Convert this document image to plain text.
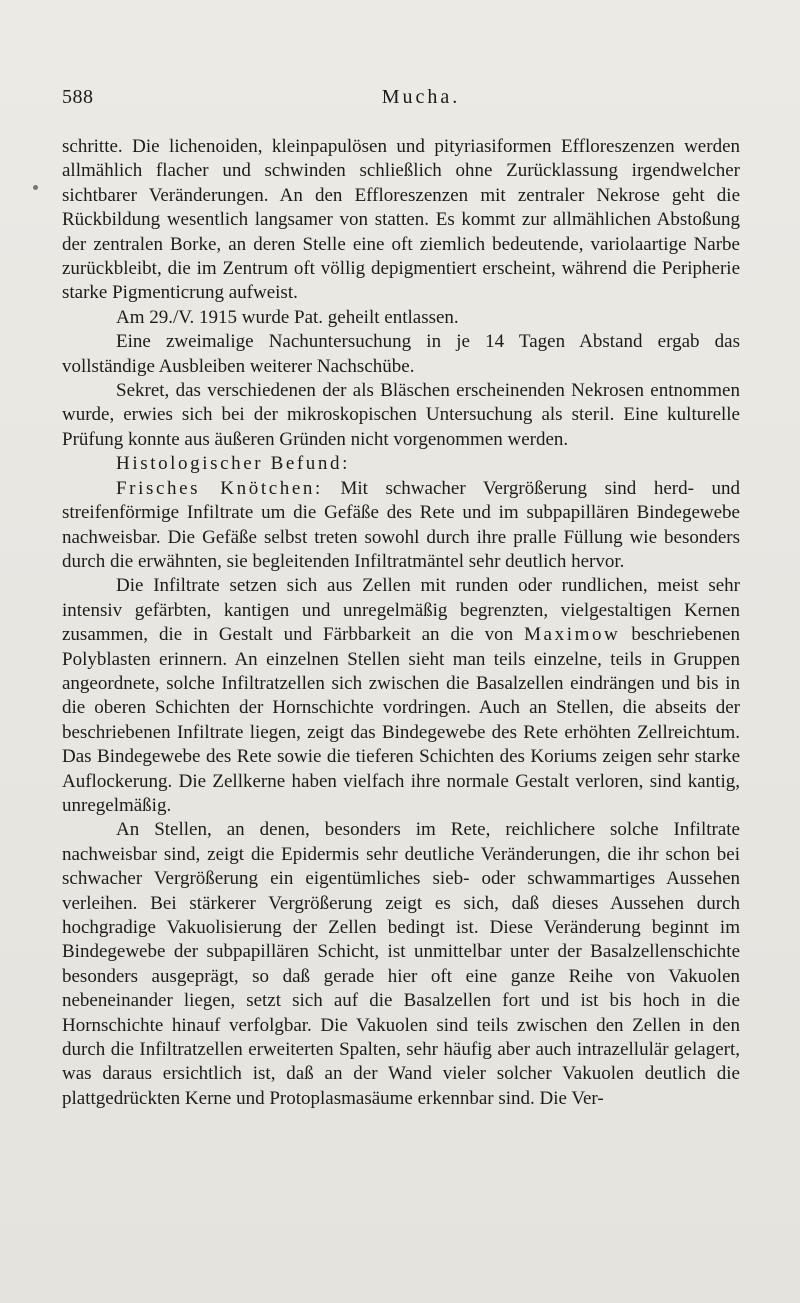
588	Mucha.

schritte. Die lichenoiden, kleinpapulösen und pityriasiformen Effloreszenzen werden allmählich flacher und schwinden schließlich ohne Zurücklassung irgendwelcher sichtbarer Veränderungen. An den Effloreszenzen mit zentraler Nekrose geht die Rückbildung wesentlich langsamer von statten. Es kommt zur allmählichen Abstoßung der zentralen Borke, an deren Stelle eine oft ziemlich bedeutende, variolaartige Narbe zurückbleibt, die im Zentrum oft völlig depigmentiert erscheint, während die Peripherie starke Pigmenticrung aufweist.

Am 29./V. 1915 wurde Pat. geheilt entlassen.

Eine zweimalige Nachuntersuchung in je 14 Tagen Abstand ergab das vollständige Ausbleiben weiterer Nachschübe.

Sekret, das verschiedenen der als Bläschen erscheinenden Nekrosen entnommen wurde, erwies sich bei der mikroskopischen Untersuchung als steril. Eine kulturelle Prüfung konnte aus äußeren Gründen nicht vorgenommen werden.

Histologischer Befund:

Frisches Knötchen: Mit schwacher Vergrößerung sind herd- und streifenförmige Infiltrate um die Gefäße des Rete und im subpapillären Bindegewebe nachweisbar. Die Gefäße selbst treten sowohl durch ihre pralle Füllung wie besonders durch die erwähnten, sie begleitenden Infiltratmäntel sehr deutlich hervor.

Die Infiltrate setzen sich aus Zellen mit runden oder rundlichen, meist sehr intensiv gefärbten, kantigen und unregelmäßig begrenzten, vielgestaltigen Kernen zusammen, die in Gestalt und Färbbarkeit an die von Maximow beschriebenen Polyblasten erinnern. An einzelnen Stellen sieht man teils einzelne, teils in Gruppen angeordnete, solche Infiltratzellen sich zwischen die Basalzellen eindrängen und bis in die oberen Schichten der Hornschichte vordringen. Auch an Stellen, die abseits der beschriebenen Infiltrate liegen, zeigt das Bindegewebe des Rete erhöhten Zellreichtum. Das Bindegewebe des Rete sowie die tieferen Schichten des Koriums zeigen sehr starke Auflockerung. Die Zellkerne haben vielfach ihre normale Gestalt verloren, sind kantig, unregelmäßig.

An Stellen, an denen, besonders im Rete, reichlichere solche Infiltrate nachweisbar sind, zeigt die Epidermis sehr deutliche Veränderungen, die ihr schon bei schwacher Vergrößerung ein eigentümliches sieb- oder schwammartiges Aussehen verleihen. Bei stärkerer Vergrößerung zeigt es sich, daß dieses Aussehen durch hochgradige Vakuolisierung der Zellen bedingt ist. Diese Veränderung beginnt im Bindegewebe der subpapillären Schicht, ist unmittelbar unter der Basalzellenschichte besonders ausgeprägt, so daß gerade hier oft eine ganze Reihe von Vakuolen nebeneinander liegen, setzt sich auf die Basalzellen fort und ist bis hoch in die Hornschichte hinauf verfolgbar. Die Vakuolen sind teils zwischen den Zellen in den durch die Infiltratzellen erweiterten Spalten, sehr häufig aber auch intrazellulär gelagert, was daraus ersichtlich ist, daß an der Wand vieler solcher Vakuolen deutlich die plattgedrückten Kerne und Protoplasmasäume erkennbar sind. Die Ver-
